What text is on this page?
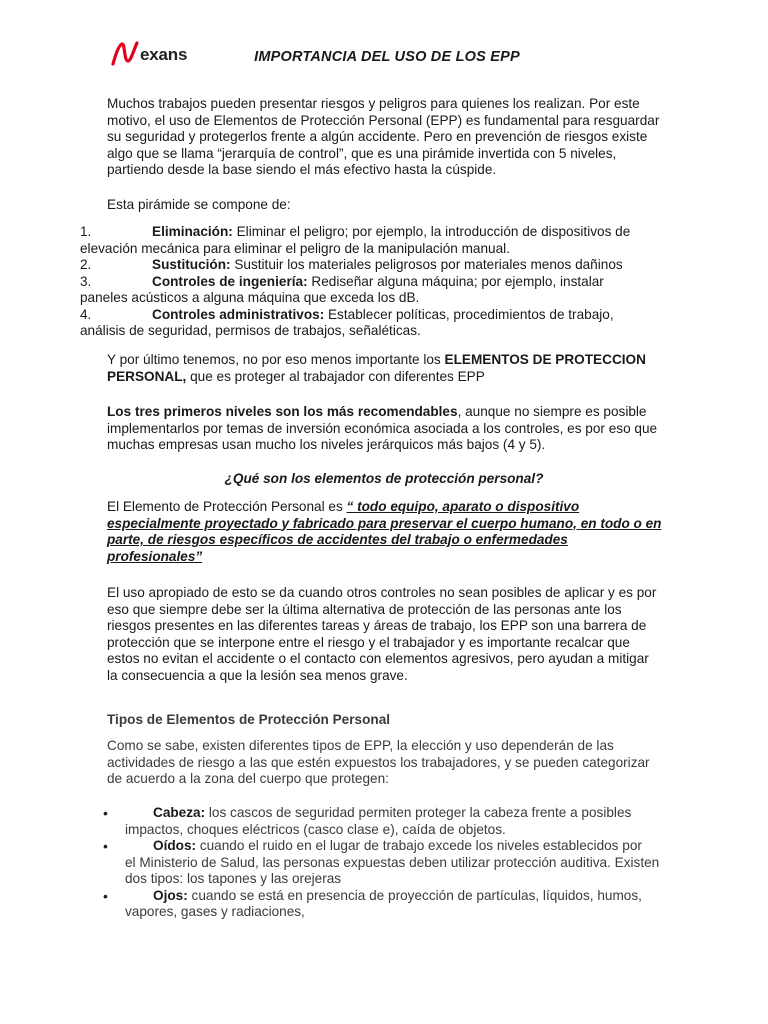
exans	IMPORTANCIA DEL USO DE LOS EPP
Muchos trabajos pueden presentar riesgos y peligros para quienes los realizan. Por este motivo, el uso de Elementos de Protección Personal (EPP) es fundamental para resguardar su seguridad y protegerlos frente a algún accidente. Pero en prevención de riesgos existe algo que se llama “jerarquía de control”, que es una pirámide invertida con 5 niveles, partiendo desde la base siendo el más efectivo hasta la cúspide.
Esta pirámide se compone de:
1.	Eliminación: Eliminar el peligro; por ejemplo, la introducción de dispositivos de
elevación mecánica para eliminar el peligro de la manipulación manual.
2.	Sustitución: Sustituir los materiales peligrosos por materiales menos dañinos
3.	Controles de ingeniería: Rediseñar alguna máquina; por ejemplo, instalar
paneles acústicos a alguna máquina que exceda los dB.
4.	Controles administrativos: Establecer políticas, procedimientos de trabajo,
análisis de seguridad, permisos de trabajos, señaléticas.
Y por último tenemos, no por eso menos importante los ELEMENTOS DE PROTECCION PERSONAL, que es proteger al trabajador con diferentes EPP
Los tres primeros niveles son los más recomendables, aunque no siempre es posible implementarlos por temas de inversión económica asociada a los controles, es por eso que muchas empresas usan mucho los niveles jerárquicos más bajos (4 y 5).
¿Qué son los elementos de protección personal?
El Elemento de Protección Personal es “ todo equipo, aparato o dispositivo especialmente proyectado y fabricado para preservar el cuerpo humano, en todo o en parte, de riesgos específicos de accidentes del trabajo o enfermedades profesionales”
El uso apropiado de esto se da cuando otros controles no sean posibles de aplicar y es por eso que siempre debe ser la última alternativa de protección de las personas ante los riesgos presentes en las diferentes tareas y áreas de trabajo, los EPP son una barrera de protección que se interpone entre el riesgo y el trabajador y es importante recalcar que estos no evitan el accidente o el contacto con elementos agresivos, pero ayudan a mitigar la consecuencia a que la lesión sea menos grave.
Tipos de Elementos de Protección Personal
Como se sabe, existen diferentes tipos de EPP, la elección y uso dependerán de las actividades de riesgo a las que estén expuestos los trabajadores, y se pueden categorizar de acuerdo a la zona del cuerpo que protegen:
•	Cabeza: los cascos de seguridad permiten proteger la cabeza frente a posibles
impactos, choques eléctricos (casco clase e), caída de objetos.
•	Oídos: cuando el ruido en el lugar de trabajo excede los niveles establecidos por
el Ministerio de Salud, las personas expuestas deben utilizar protección auditiva. Existen dos tipos: los tapones y las orejeras
•	Ojos: cuando se está en presencia de proyección de partículas, líquidos, humos,
vapores, gases y radiaciones,
